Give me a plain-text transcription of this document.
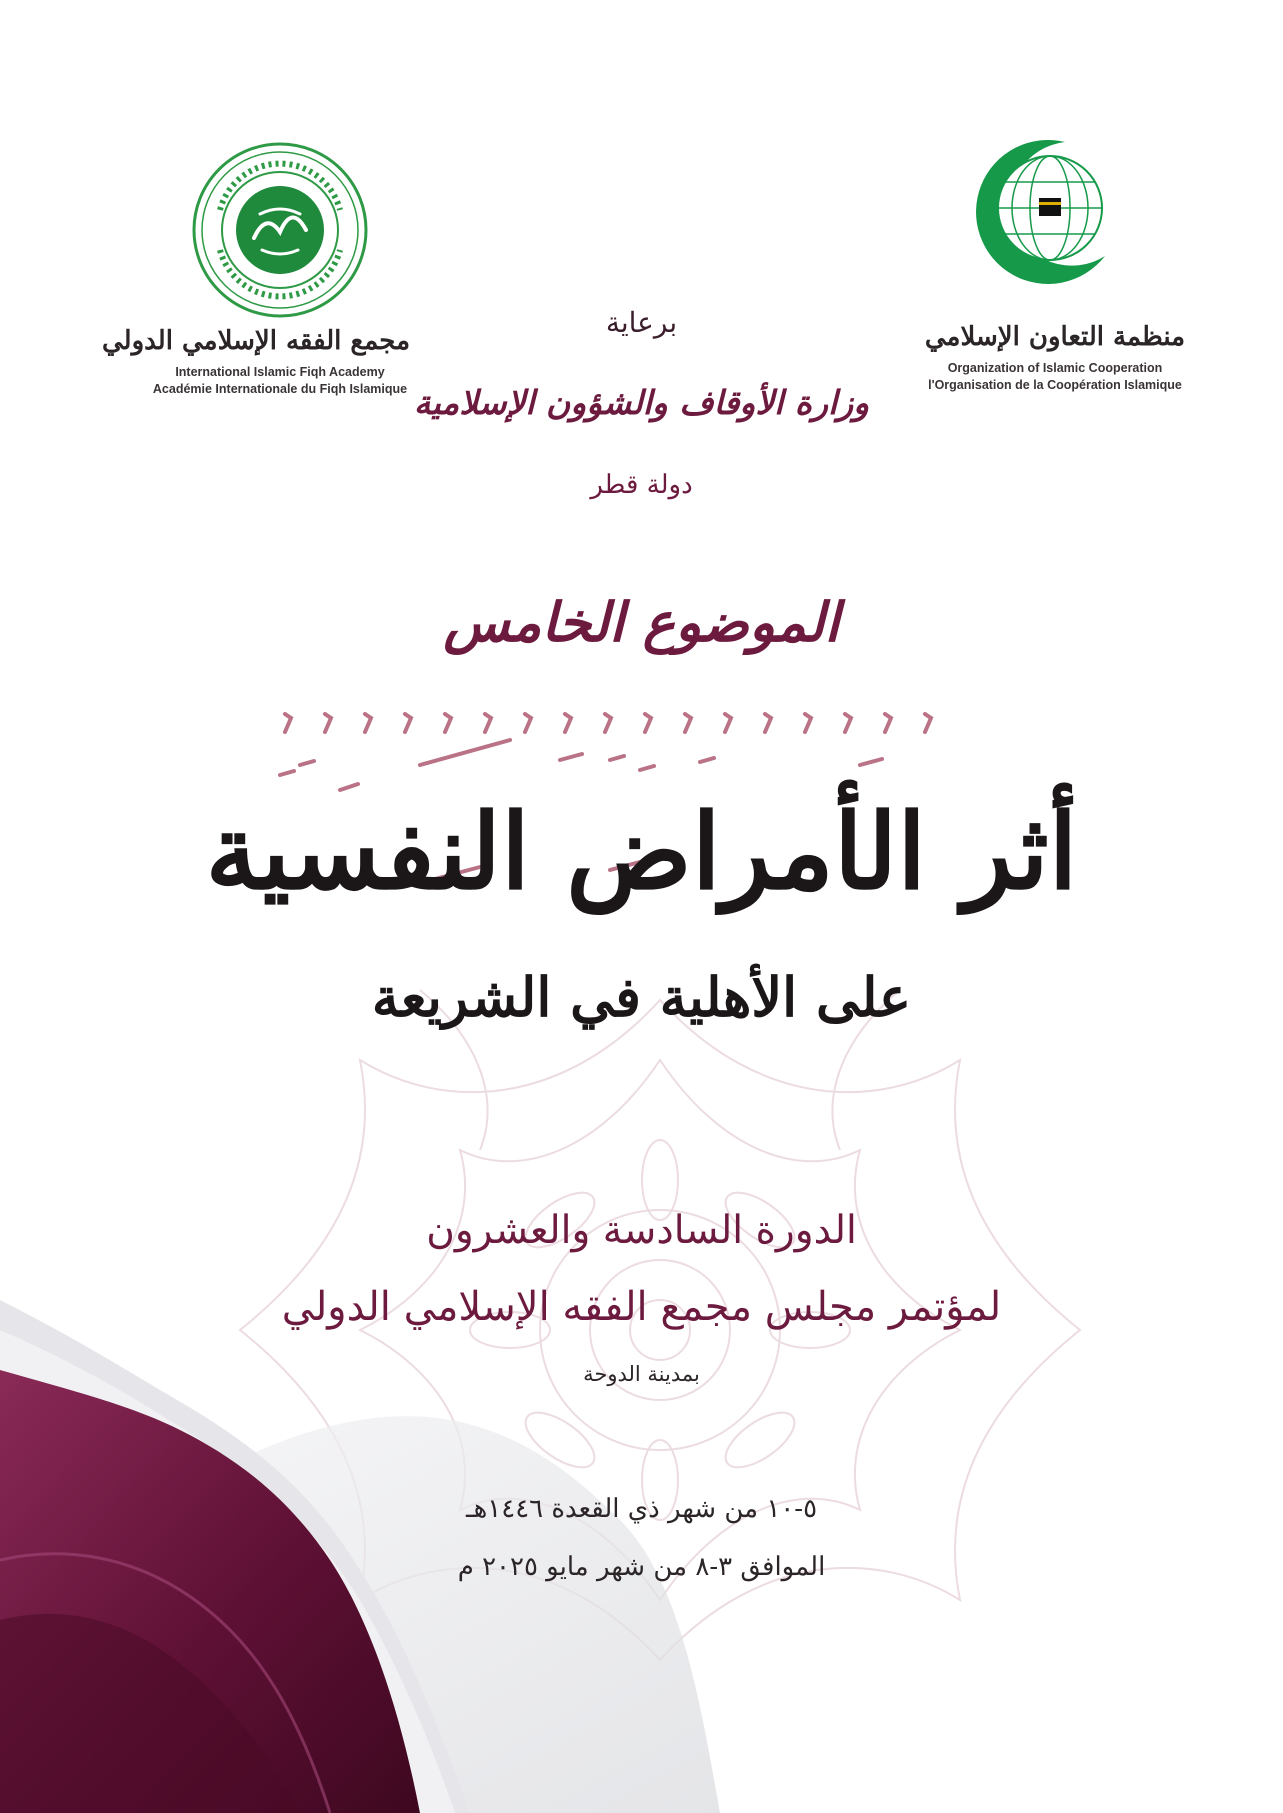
مجمع الفقه الإسلامي الدولي
International Islamic Fiqh Academy
Académie Internationale du Fiqh Islamique
منظمة التعاون الإسلامي
Organization of Islamic Cooperation
l'Organisation de la Coopération Islamique
برعاية
وزارة الأوقاف والشؤون الإسلامية
دولة قطر
الموضوع الخامس
أثر الأمراض النفسية
على الأهلية في الشريعة
الدورة السادسة والعشرون
لمؤتمر مجلس مجمع الفقه الإسلامي الدولي
بمدينة الدوحة
٥-١٠ من شهر ذي القعدة ١٤٤٦هـ
الموافق ٣-٨ من شهر مايو ٢٠٢٥ م
